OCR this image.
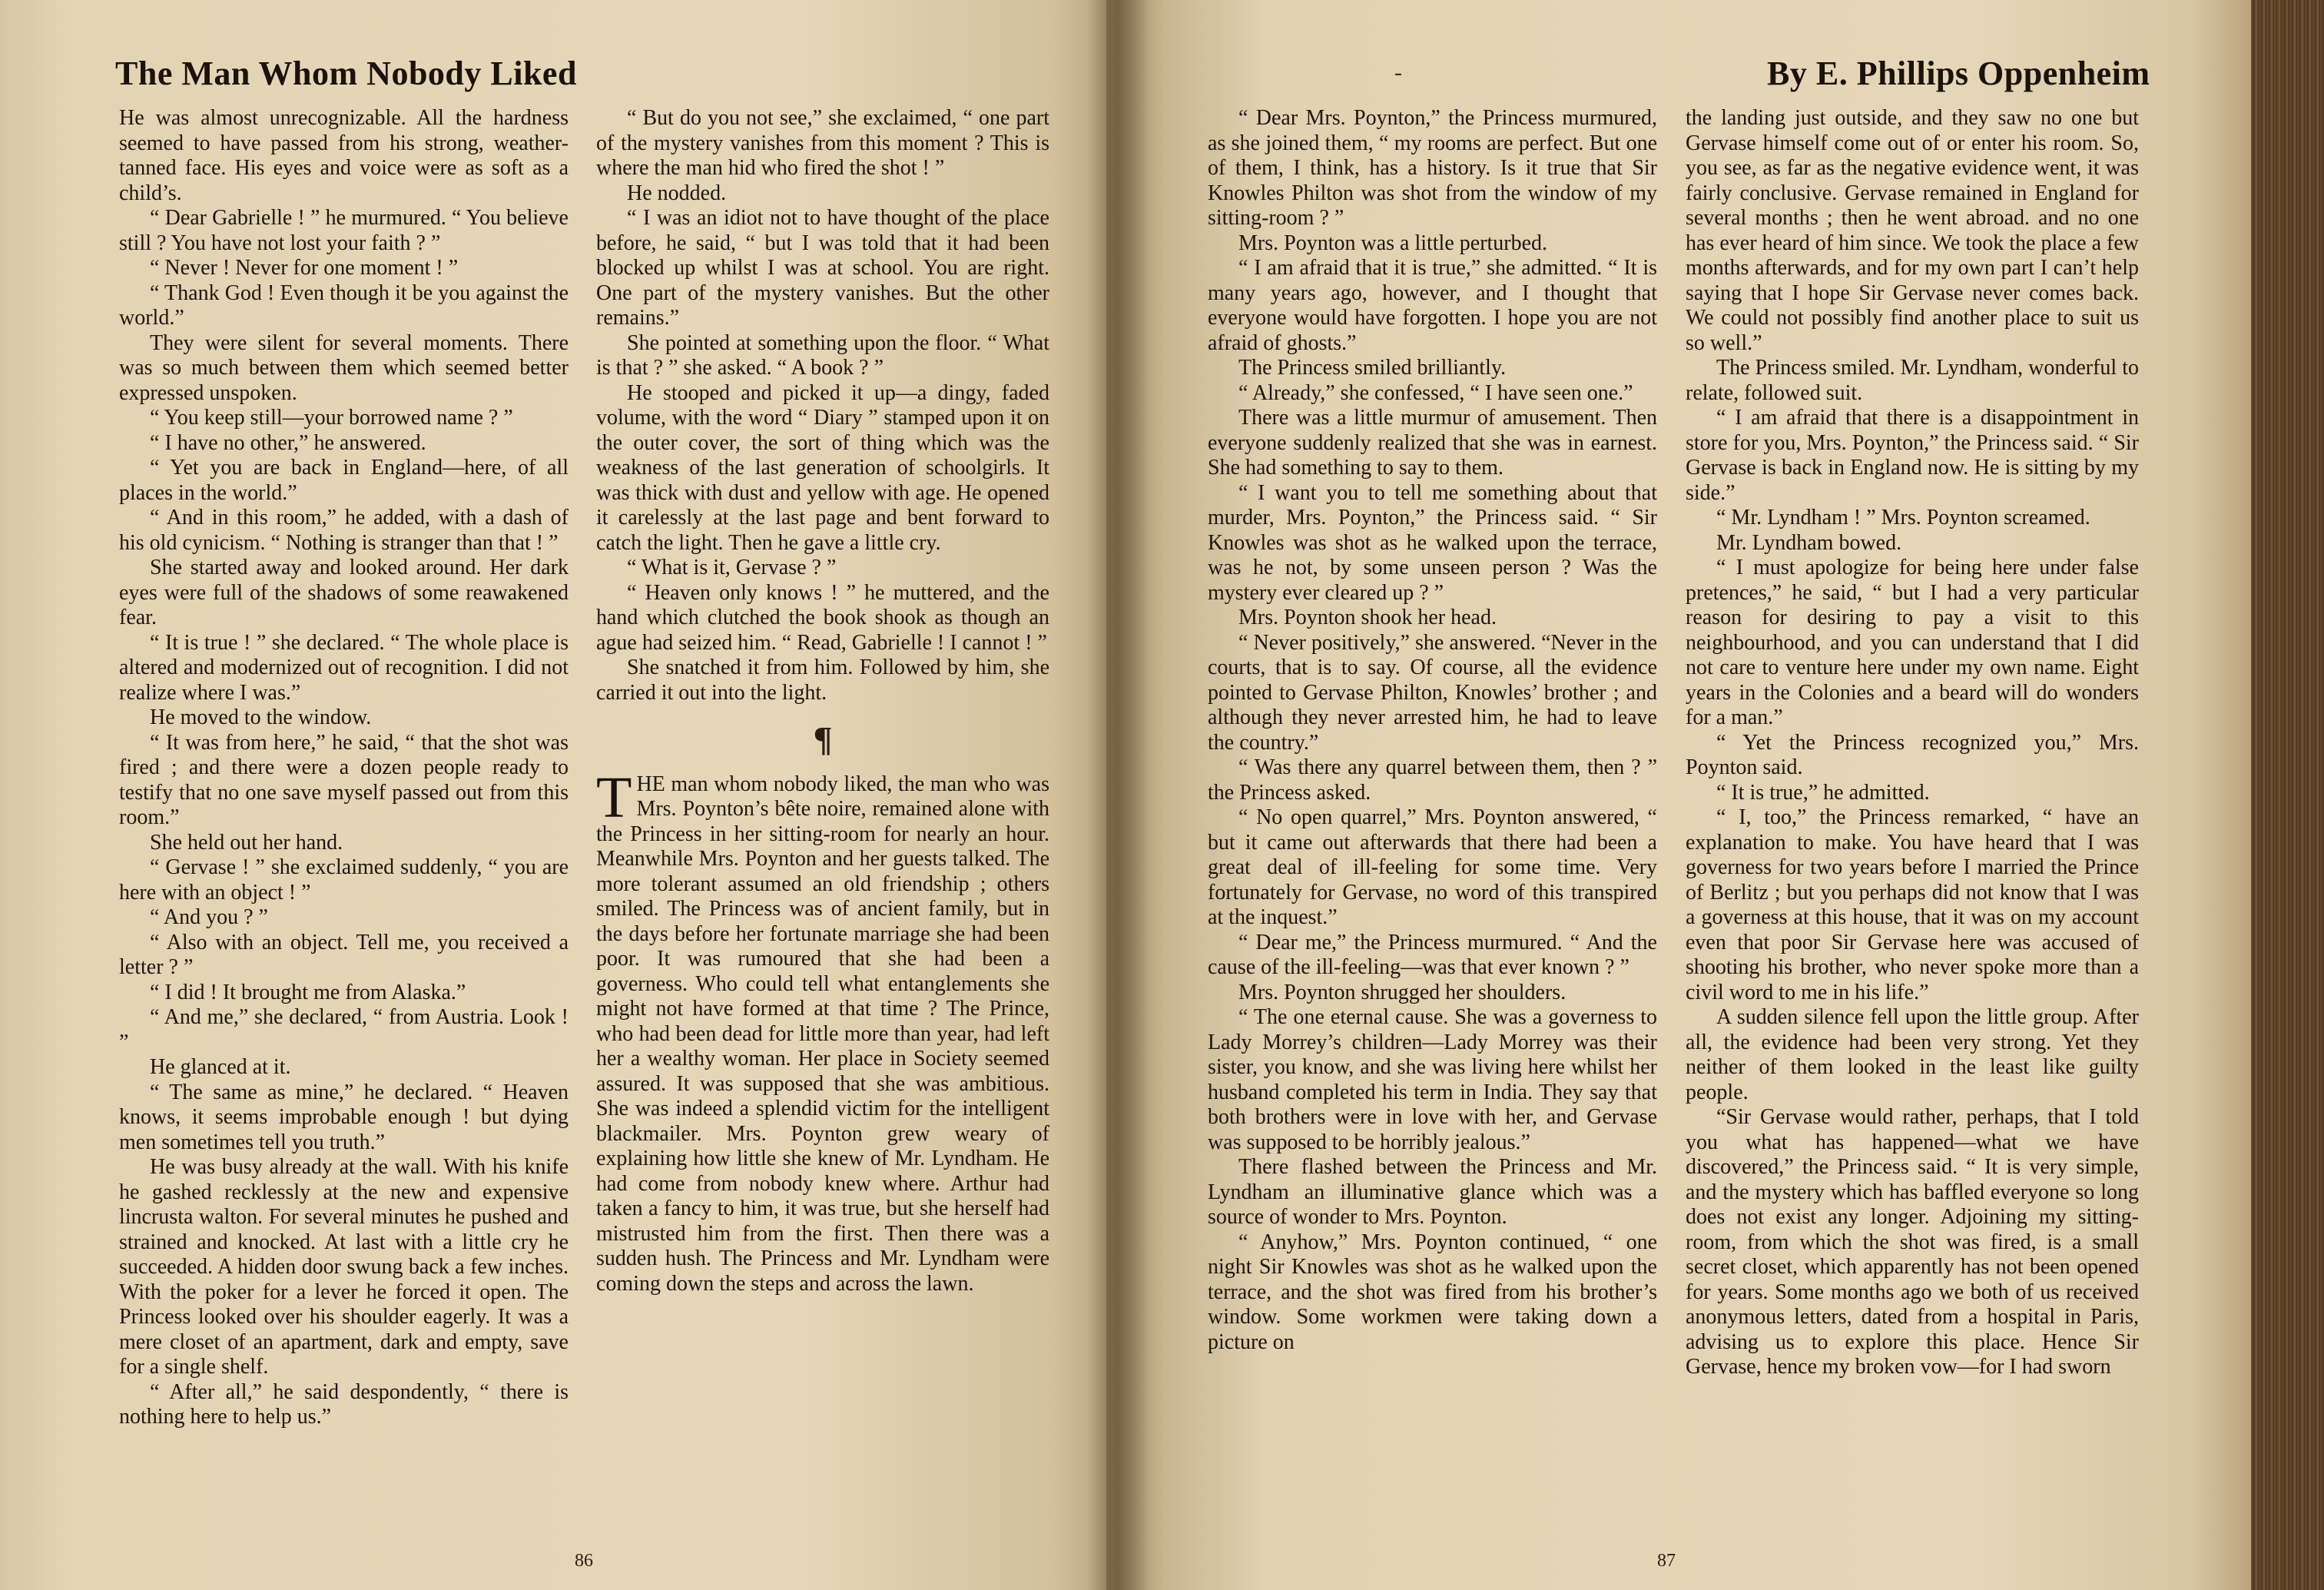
The Man Whom Nobody Liked

He was almost unrecognizable. All the hardness seemed to have passed from his strong, weather-tanned face. His eyes and voice were as soft as a child’s.

“ Dear Gabrielle ! ” he murmured. “ You believe still ? You have not lost your faith ? ”

“ Never ! Never for one moment ! ”

“ Thank God ! Even though it be you against the world.”

They were silent for several moments. There was so much between them which seemed better expressed unspoken.

“ You keep still—your borrowed name ? ”

“ I have no other,” he answered.

“ Yet you are back in England—here, of all places in the world.”

“ And in this room,” he added, with a dash of his old cynicism. “ Nothing is stranger than that ! ”

She started away and looked around. Her dark eyes were full of the shadows of some reawakened fear.

“ It is true ! ” she declared. “ The whole place is altered and modernized out of recognition. I did not realize where I was.”

He moved to the window.

“ It was from here,” he said, “ that the shot was fired ; and there were a dozen people ready to testify that no one save myself passed out from this room.”

She held out her hand.

“ Gervase ! ” she exclaimed suddenly, “ you are here with an object ! ”

“ And you ? ”

“ Also with an object. Tell me, you received a letter ? ”

“ I did ! It brought me from Alaska.”

“ And me,” she declared, “ from Austria. Look ! ”

He glanced at it.

“ The same as mine,” he declared. “ Heaven knows, it seems improbable enough ! but dying men sometimes tell you truth.”

He was busy already at the wall. With his knife he gashed recklessly at the new and expensive lincrusta walton. For several minutes he pushed and strained and knocked. At last with a little cry he succeeded. A hidden door swung back a few inches. With the poker for a lever he forced it open. The Princess looked over his shoulder eagerly. It was a mere closet of an apartment, dark and empty, save for a single shelf.

“ After all,” he said despondently, “ there is nothing here to help us.”

“ But do you not see,” she exclaimed, “ one part of the mystery vanishes from this moment ? This is where the man hid who fired the shot ! ”

He nodded.

“ I was an idiot not to have thought of the place before, he said, “ but I was told that it had been blocked up whilst I was at school. You are right. One part of the mystery vanishes. But the other remains.”

She pointed at something upon the floor. “ What is that ? ” she asked. “ A book ? ”

He stooped and picked it up—a dingy, faded volume, with the word “ Diary ” stamped upon it on the outer cover, the sort of thing which was the weakness of the last generation of schoolgirls. It was thick with dust and yellow with age. He opened it carelessly at the last page and bent forward to catch the light. Then he gave a little cry.

“ What is it, Gervase ? ”

“ Heaven only knows ! ” he muttered, and the hand which clutched the book shook as though an ague had seized him. “ Read, Gabrielle ! I cannot ! ”

She snatched it from him. Followed by him, she carried it out into the light.

¶

THE man whom nobody liked, the man who was Mrs. Poynton’s bête noire, remained alone with the Princess in her sitting-room for nearly an hour. Meanwhile Mrs. Poynton and her guests talked. The more tolerant assumed an old friendship ; others smiled. The Princess was of ancient family, but in the days before her fortunate marriage she had been poor. It was rumoured that she had been a governess. Who could tell what entanglements she might not have formed at that time ? The Prince, who had been dead for little more than year, had left her a wealthy woman. Her place in Society seemed assured. It was supposed that she was ambitious. She was indeed a splendid victim for the intelligent blackmailer. Mrs. Poynton grew weary of explaining how little she knew of Mr. Lyndham. He had come from nobody knew where. Arthur had taken a fancy to him, it was true, but she herself had mistrusted him from the first. Then there was a sudden hush. The Princess and Mr. Lyndham were coming down the steps and across the lawn.

86
-	By E. Phillips Oppenheim

“ Dear Mrs. Poynton,” the Princess murmured, as she joined them, “ my rooms are perfect. But one of them, I think, has a history. Is it true that Sir Knowles Philton was shot from the window of my sitting-room ? ”

Mrs. Poynton was a little perturbed.

“ I am afraid that it is true,” she admitted. “ It is many years ago, however, and I thought that everyone would have forgotten. I hope you are not afraid of ghosts.”

The Princess smiled brilliantly.

“ Already,” she confessed, “ I have seen one.”

There was a little murmur of amusement. Then everyone suddenly realized that she was in earnest. She had something to say to them.

“ I want you to tell me something about that murder, Mrs. Poynton,” the Princess said. “ Sir Knowles was shot as he walked upon the terrace, was he not, by some unseen person ? Was the mystery ever cleared up ? ”

Mrs. Poynton shook her head.

“ Never positively,” she answered. “Never in the courts, that is to say. Of course, all the evidence pointed to Gervase Philton, Knowles’ brother ; and although they never arrested him, he had to leave the country.”

“ Was there any quarrel between them, then ? ” the Princess asked.

“ No open quarrel,” Mrs. Poynton answered, “ but it came out afterwards that there had been a great deal of ill-feeling for some time. Very fortunately for Gervase, no word of this transpired at the inquest.”

“ Dear me,” the Princess murmured. “ And the cause of the ill-feeling—was that ever known ? ”

Mrs. Poynton shrugged her shoulders.

“ The one eternal cause. She was a governess to Lady Morrey’s children—Lady Morrey was their sister, you know, and she was living here whilst her husband completed his term in India. They say that both brothers were in love with her, and Gervase was supposed to be horribly jealous.”

There flashed between the Princess and Mr. Lyndham an illuminative glance which was a source of wonder to Mrs. Poynton.

“ Anyhow,” Mrs. Poynton continued, “ one night Sir Knowles was shot as he walked upon the terrace, and the shot was fired from his brother’s window. Some workmen were taking down a picture on

the landing just outside, and they saw no one but Gervase himself come out of or enter his room. So, you see, as far as the negative evidence went, it was fairly conclusive. Gervase remained in England for several months ; then he went abroad. and no one has ever heard of him since. We took the place a few months afterwards, and for my own part I can’t help saying that I hope Sir Gervase never comes back. We could not possibly find another place to suit us so well.”

The Princess smiled. Mr. Lyndham, wonderful to relate, followed suit.

“ I am afraid that there is a disappointment in store for you, Mrs. Poynton,” the Princess said. “ Sir Gervase is back in England now. He is sitting by my side.”

“ Mr. Lyndham ! ” Mrs. Poynton screamed.

Mr. Lyndham bowed.

“ I must apologize for being here under false pretences,” he said, “ but I had a very particular reason for desiring to pay a visit to this neighbourhood, and you can understand that I did not care to venture here under my own name. Eight years in the Colonies and a beard will do wonders for a man.”

“ Yet the Princess recognized you,” Mrs. Poynton said.

“ It is true,” he admitted.

“ I, too,” the Princess remarked, “ have an explanation to make. You have heard that I was governess for two years before I married the Prince of Berlitz ; but you perhaps did not know that I was a governess at this house, that it was on my account even that poor Sir Gervase here was accused of shooting his brother, who never spoke more than a civil word to me in his life.”

A sudden silence fell upon the little group. After all, the evidence had been very strong. Yet they neither of them looked in the least like guilty people.

“Sir Gervase would rather, perhaps, that I told you what has happened—what we have discovered,” the Princess said. “ It is very simple, and the mystery which has baffled everyone so long does not exist any longer. Adjoining my sitting-room, from which the shot was fired, is a small secret closet, which apparently has not been opened for years. Some months ago we both of us received anonymous letters, dated from a hospital in Paris, advising us to explore this place. Hence Sir Gervase, hence my broken vow—for I had sworn

87
